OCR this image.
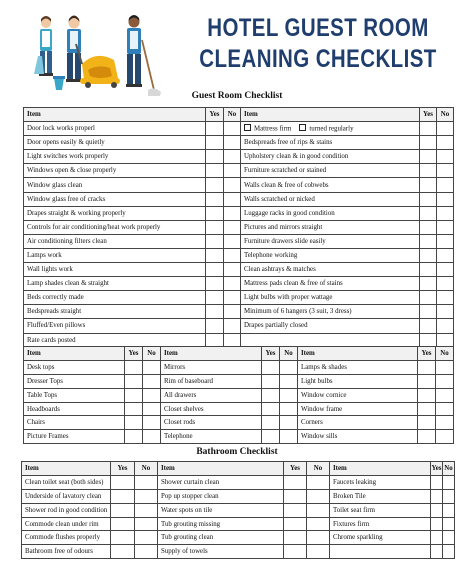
HOTEL GUEST ROOM
CLEANING CHECKLIST
Guest Room Checklist
Item	Yes	No	Item	Yes	No
Door lock works properl			Mattress firm turned regularly		
Door opens easily & quietly			Bedspreads free of rips & stains		
Light switches work properly			Upholstery clean & in good condition		
Windows open & close properly			Furniture scratched or stained		
Window glass clean			Walls clean & free of cobwebs		
Window glass free of cracks			Walls scratched or nicked		
Drapes straight & working properly			Luggage racks in good condition		
Controls for air conditioning/heat work properly			Pictures and mirrors straight		
Air conditioning filters clean			Furniture drawers slide easily		
Lamps work			Telephone working		
Wall lights work			Clean ashtrays & matches		
Lamp shades clean & straight			Mattress pads clean & free of stains		
Beds correctly made			Light bulbs with proper wattage		
Bedspreads straight			Minimum of 6 hangers (3 suit, 3 dress)		
Fluffed/Even pillows			Drapes partially closed		
Rate cards posted					
Item	Yes	No	Item	Yes	No	Item	Yes	No
Desk tops			Mirrors			Lamps & shades		
Dresser Tops			Rim of baseboard			Light bulbs		
Table Tops			All drawers			Window cornice		
Headboards			Closet shelves			Window frame		
Chairs			Closet rods			Corners		
Picture Frames			Telephone			Window sills		
Bathroom Checklist
Item	Yes	No	Item	Yes	No	Item	Yes	No
Clean toilet seat (both sides)			Shower curtain clean			Faucets leaking		
Underside of lavatory clean			Pop up stopper clean			Broken Tile		
Shower rod in good condition			Water spots on tile			Toilet seat firm		
Commode clean under rim			Tub grouting missing			Fixtures firm		
Commode flushes properly			Tub grouting clean			Chrome sparkling		
Bathroom free of odours			Supply of towels					
